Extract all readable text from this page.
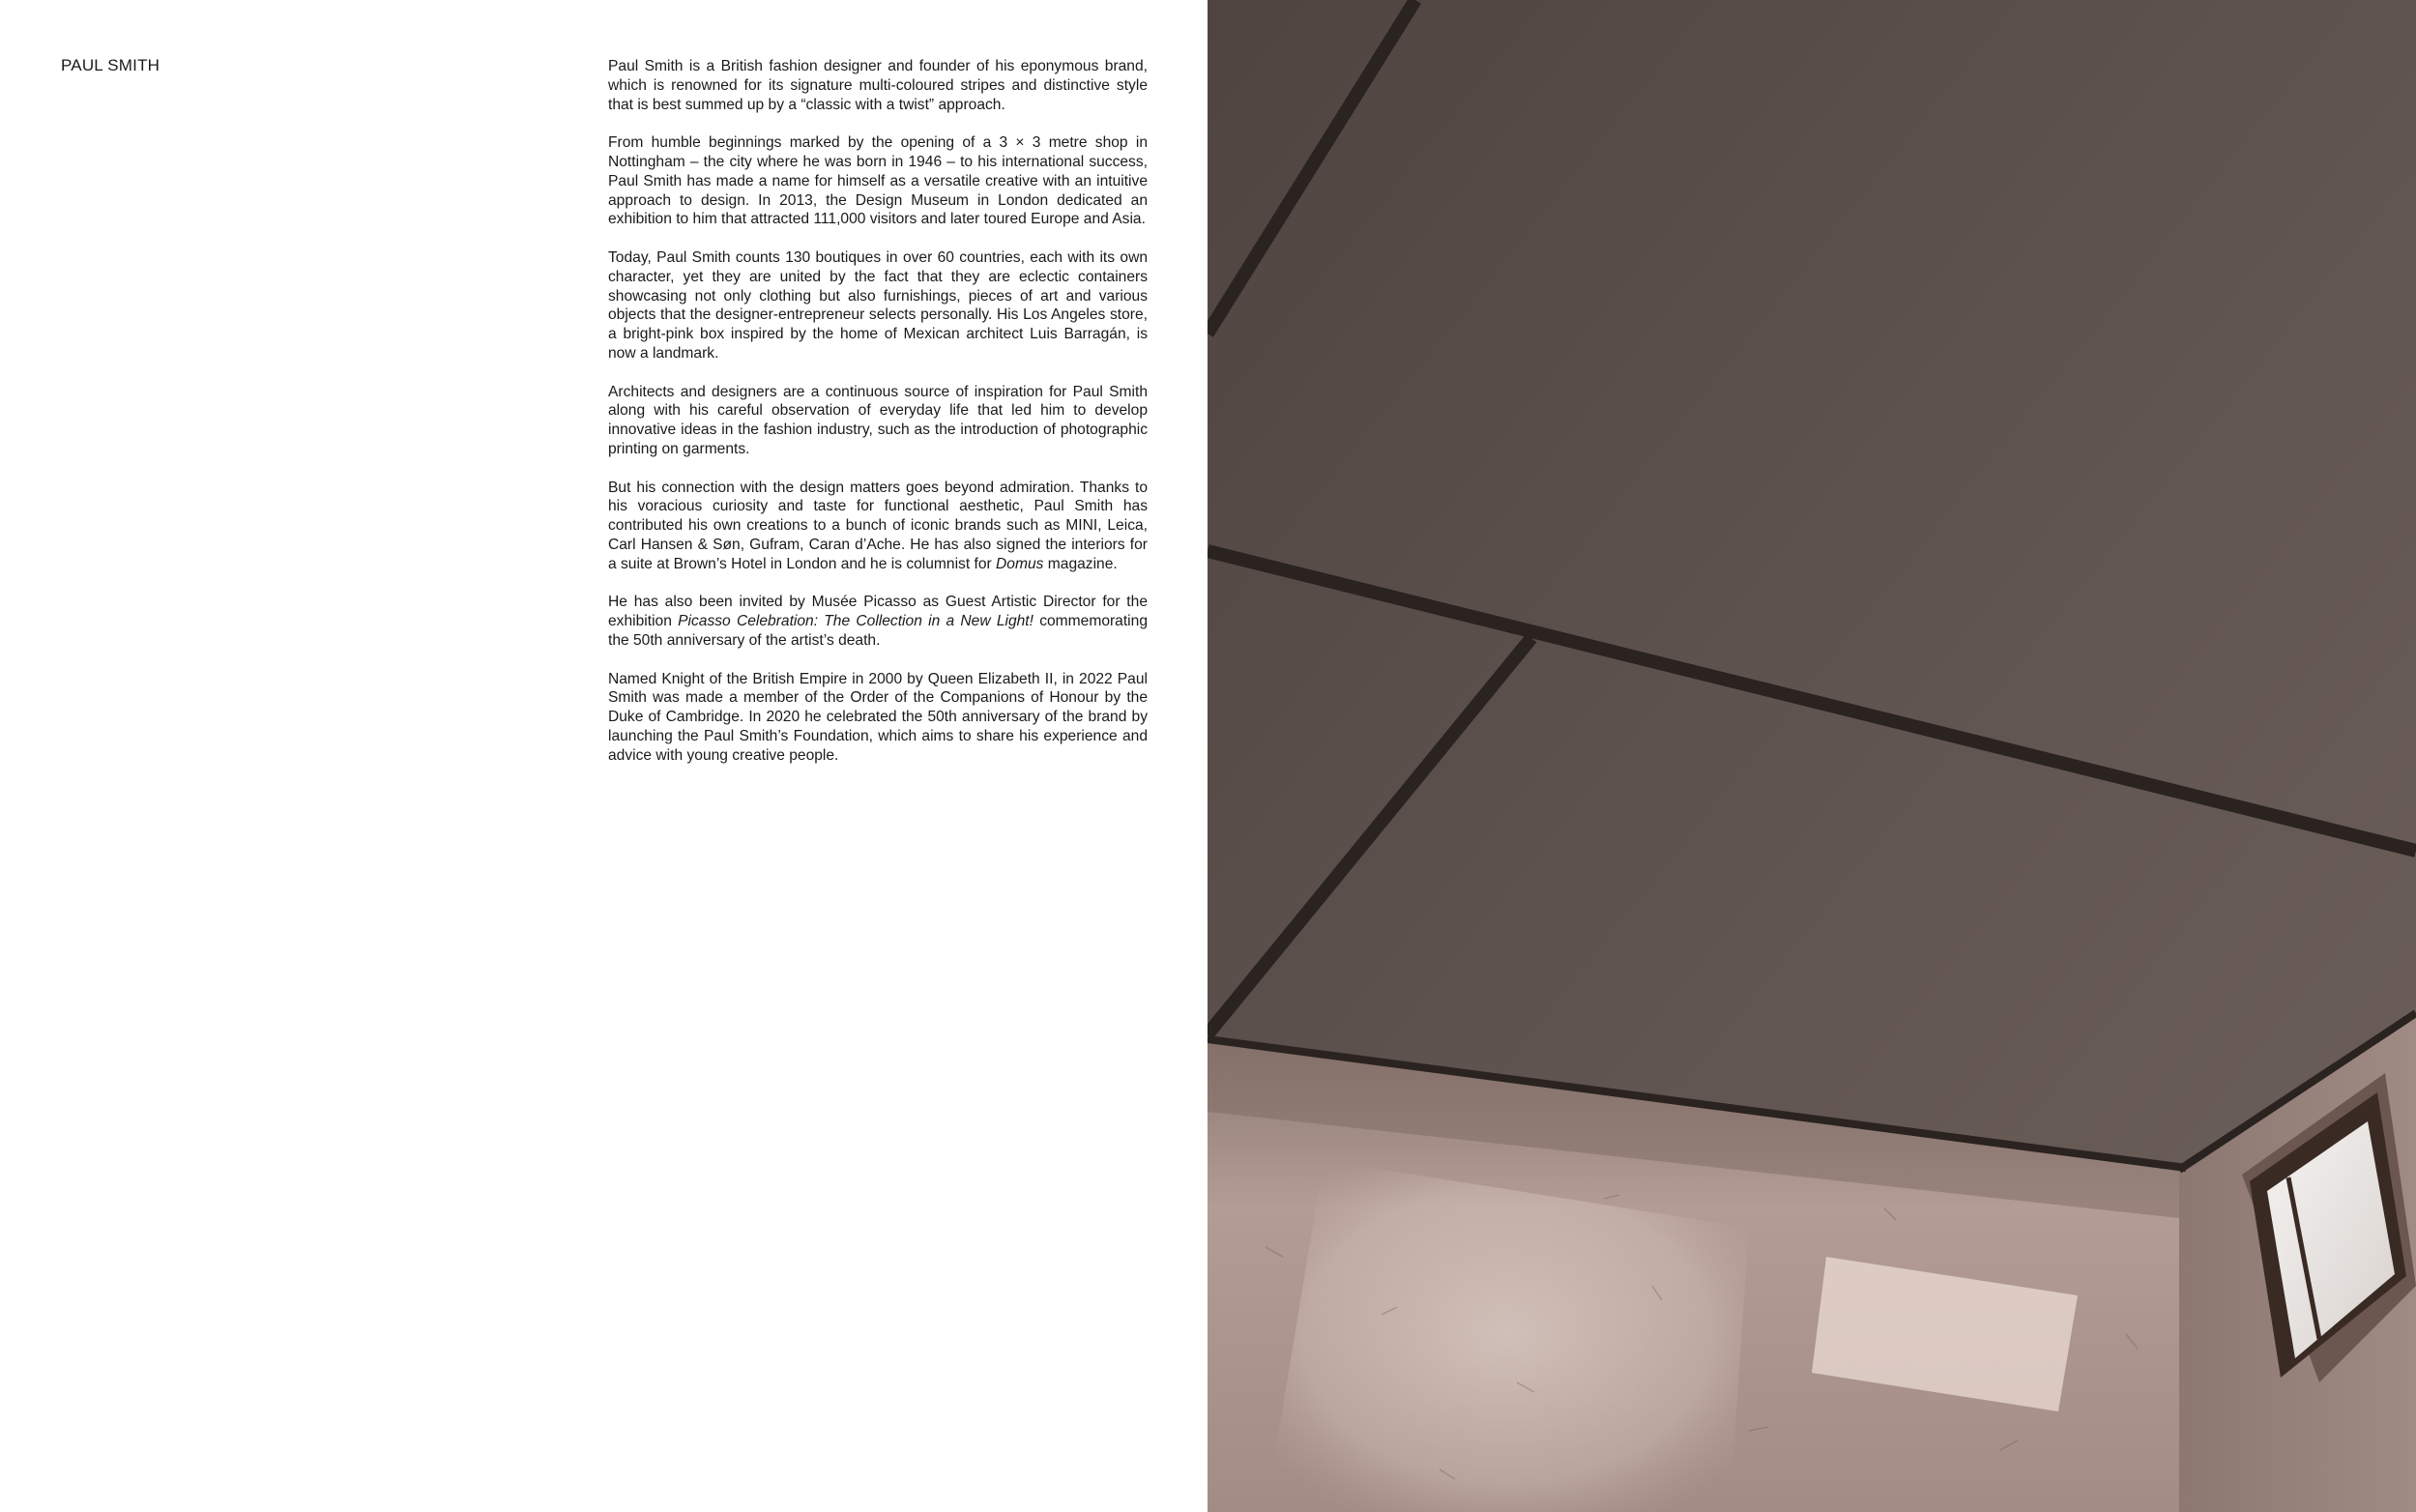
PAUL SMITH	Paul Smith is a British fashion designer and founder of his eponymous brand, which is renowned for its signature multi-coloured stripes and distinctive style that is best summed up by a “classic with a twist” approach.

From humble beginnings marked by the opening of a 3 × 3 metre shop in Nottingham – the city where he was born in 1946 – to his international success, Paul Smith has made a name for himself as a versatile creative with an intuitive approach to design. In 2013, the Design Museum in London dedicated an exhibition to him that attracted 111,000 visitors and later toured Europe and Asia.

Today, Paul Smith counts 130 boutiques in over 60 countries, each with its own character, yet they are united by the fact that they are eclectic containers showcasing not only clothing but also furnishings, pieces of art and various objects that the designer-entrepreneur selects personally. His Los Angeles store, a bright-pink box inspired by the home of Mexican architect Luis Barragán, is now a landmark.

Architects and designers are a continuous source of inspiration for Paul Smith along with his careful observation of everyday life that led him to develop innovative ideas in the fashion industry, such as the introduction of photographic printing on garments.

But his connection with the design matters goes beyond admiration. Thanks to his voracious curiosity and taste for functional aesthetic, Paul Smith has contributed his own creations to a bunch of iconic brands such as MINI, Leica, Carl Hansen & Søn, Gufram, Caran d’Ache. He has also signed the interiors for a suite at Brown’s Hotel in London and he is columnist for Domus magazine.

He has also been invited by Musée Picasso as Guest Artistic Director for the exhibition Picasso Celebration: The Collection in a New Light! commemorating the 50th anniversary of the artist’s death.

Named Knight of the British Empire in 2000 by Queen Elizabeth II, in 2022 Paul Smith was made a member of the Order of the Companions of Honour by the Duke of Cambridge. In 2020 he celebrated the 50th anniversary of the brand by launching the Paul Smith’s Foundation, which aims to share his experience and advice with young creative people.
